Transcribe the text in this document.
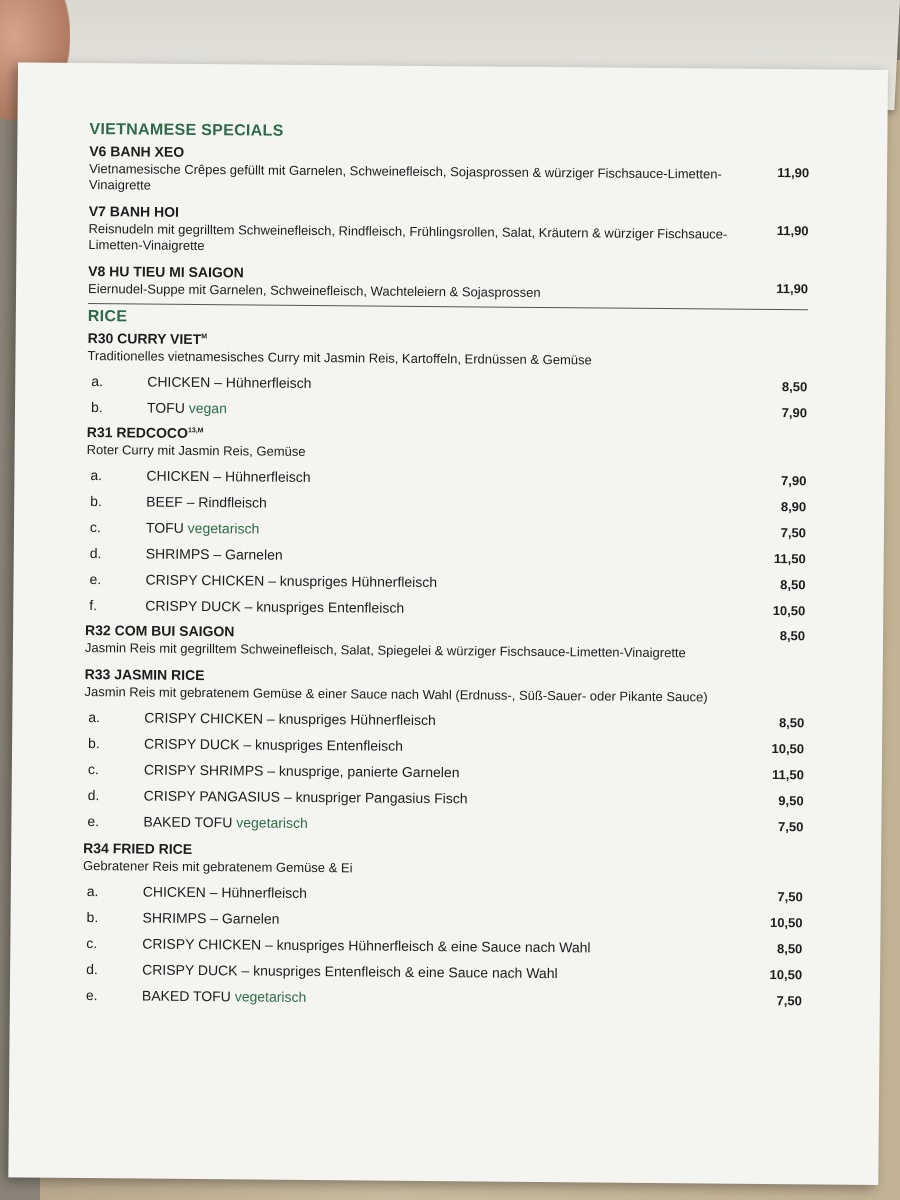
VIETNAMESE SPECIALS
V6 BANH XEO
Vietnamesische Crêpes gefüllt mit Garnelen, Schweinefleisch, Sojasprossen & würziger Fischsauce-Limetten-Vinaigrette
11,90
V7 BANH HOI
Reisnudeln mit gegrilltem Schweinefleisch, Rindfleisch, Frühlingsrollen, Salat, Kräutern & würziger Fischsauce-Limetten-Vinaigrette
11,90
V8 HU TIEU MI SAIGON
Eiernudel-Suppe mit Garnelen, Schweinefleisch, Wachteleiern & Sojasprossen	11,90
RICE
R30 CURRY $VIET^M$
Traditionelles vietnamesisches Curry mit Jasmin Reis, Kartoffeln, Erdnüssen & Gemüse
a.	CHICKEN – Hühnerfleisch	8,50
b.	TOFU vegan	7,90
R31 $REDCOCO^{13,M}$
Roter Curry mit Jasmin Reis, Gemüse
a.	CHICKEN – Hühnerfleisch	7,90
b.	BEEF – Rindfleisch	8,90
c.	TOFU vegetarisch	7,50
d.	SHRIMPS – Garnelen	11,50
e.	CRISPY CHICKEN – knuspriges Hühnerfleisch	8,50
f.	CRISPY DUCK – knuspriges Entenfleisch	10,50
R32 COM BUI SAIGON
Jasmin Reis mit gegrilltem Schweinefleisch, Salat, Spiegelei & würziger Fischsauce-Limetten-Vinaigrette
8,50
R33 JASMIN RICE
Jasmin Reis mit gebratenem Gemüse & einer Sauce nach Wahl (Erdnuss-, Süß-Sauer- oder Pikante Sauce)
a.	CRISPY CHICKEN – knuspriges Hühnerfleisch	8,50
b.	CRISPY DUCK – knuspriges Entenfleisch	10,50
c.	CRISPY SHRIMPS – knusprige, panierte Garnelen	11,50
d.	CRISPY PANGASIUS – knuspriger Pangasius Fisch	9,50
e.	BAKED TOFU vegetarisch	7,50
R34 FRIED RICE
Gebratener Reis mit gebratenem Gemüse & Ei
a.	CHICKEN – Hühnerfleisch	7,50
b.	SHRIMPS – Garnelen	10,50
c.	CRISPY CHICKEN – knuspriges Hühnerfleisch & eine Sauce nach Wahl	8,50
d.	CRISPY DUCK – knuspriges Entenfleisch & eine Sauce nach Wahl	10,50
e.	BAKED TOFU vegetarisch	7,50
